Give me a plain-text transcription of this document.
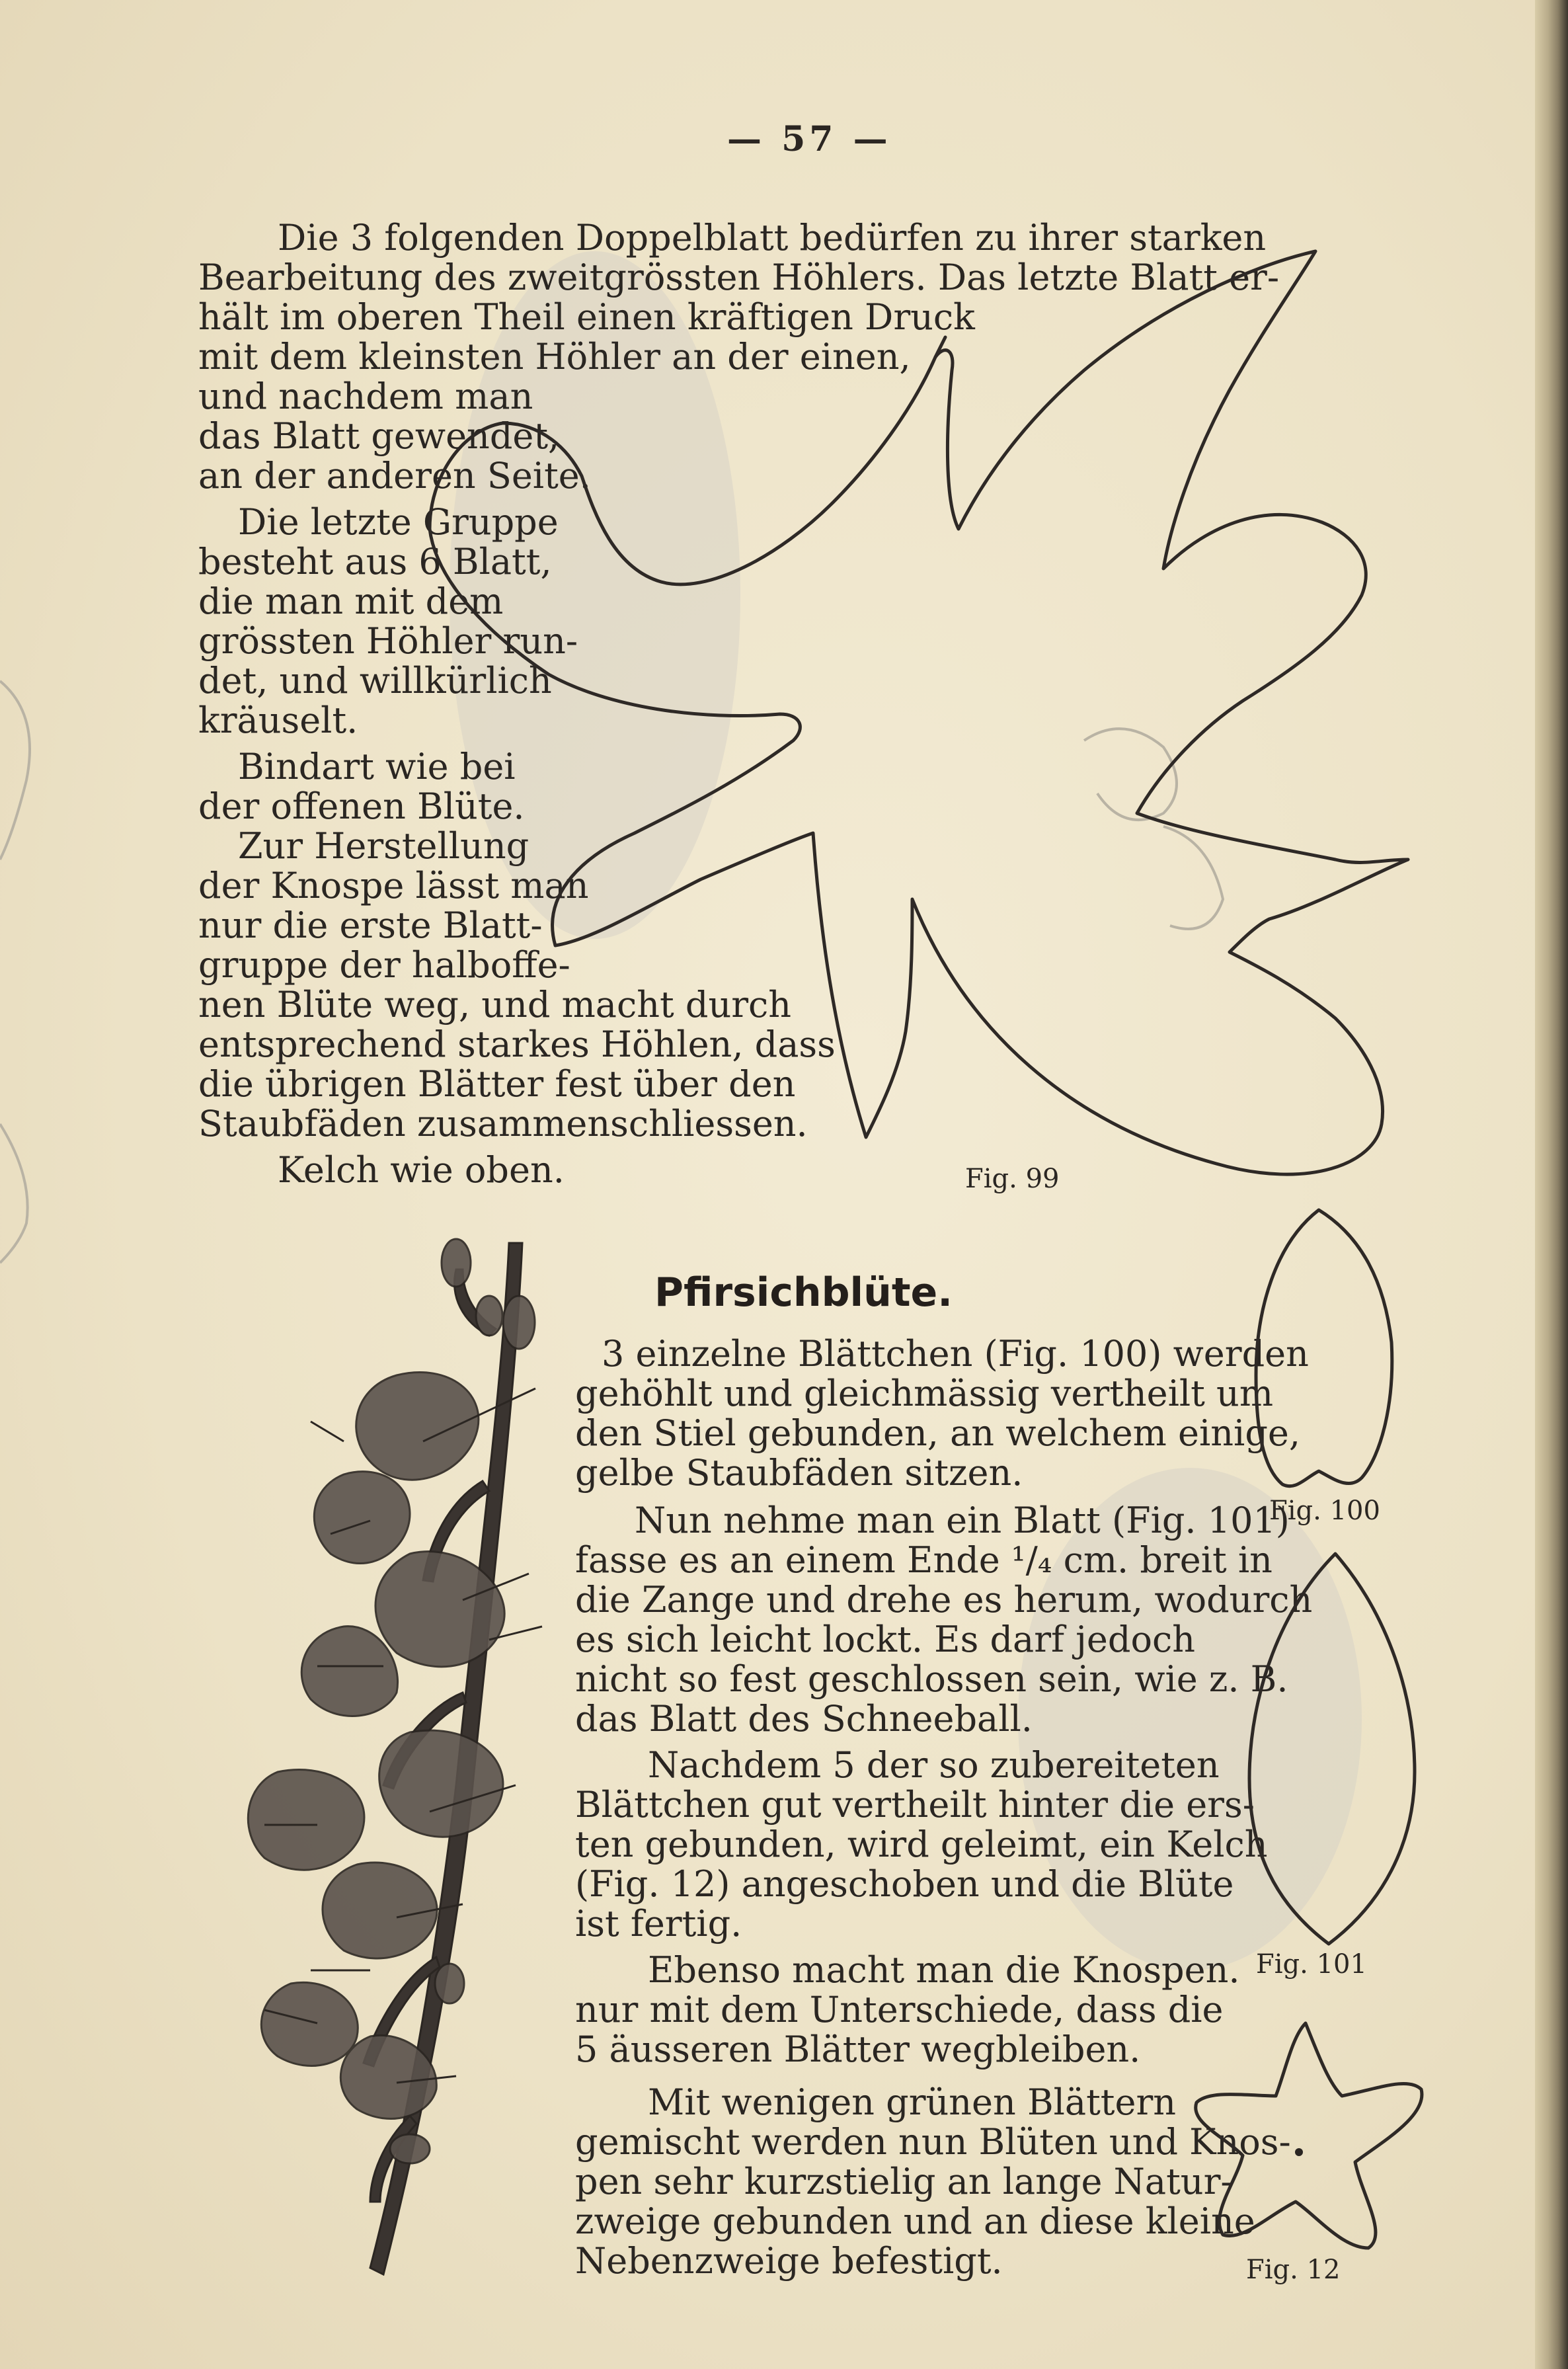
— 57 —

Die 3 folgenden Doppelblatt bedürfen zu ihrer starken
Bearbeitung des zweitgrössten Höhlers. Das letzte Blatt er-
hält im oberen Theil einen kräftigen Druck
mit dem kleinsten Höhler an der einen,
und nachdem man
das Blatt gewendet,
an der anderen Seite.

Die letzte Gruppe
besteht aus 6 Blatt,
die man mit dem
grössten Höhler run-
det, und willkürlich
kräuselt.

Bindart wie bei
der offenen Blüte.

Zur Herstellung
der Knospe lässt man
nur die erste Blatt-
gruppe der halboffe-
nen Blüte weg, und macht durch
entsprechend starkes Höhlen, dass
die übrigen Blätter fest über den
Staubfäden zusammenschliessen.

Kelch wie oben.	Fig. 99
Pfirsichblüte.

3 einzelne Blättchen (Fig. 100) werden
gehöhlt und gleichmässig vertheilt um
den Stiel gebunden, an welchem einige,
gelbe Staubfäden sitzen.

Nun nehme man ein Blatt (Fig. 101)
fasse es an einem Ende ¹/₄ cm. breit in
die Zange und drehe es herum, wodurch
es sich leicht lockt. Es darf jedoch
nicht so fest geschlossen sein, wie z. B.
das Blatt des Schneeball.

Nachdem 5 der so zubereiteten
Blättchen gut vertheilt hinter die ers-
ten gebunden, wird geleimt, ein Kelch
(Fig. 12) angeschoben und die Blüte
ist fertig.

Ebenso macht man die Knospen.
nur mit dem Unterschiede, dass die
5 äusseren Blätter wegbleiben.

Mit wenigen grünen Blättern
gemischt werden nun Blüten und Knos-
pen sehr kurzstielig an lange Natur-
zweige gebunden und an diese kleine
Nebenzweige befestigt.

Fig. 100
Fig. 101
Fig. 12
